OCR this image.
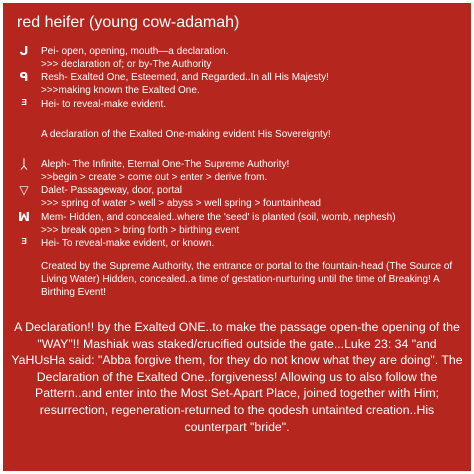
red heifer (young cow-adamah)
ᒍ Pei- open, opening, mouth—a declaration.
>>> declaration of; or by-The Authority
ᑫ Resh- Exalted One, Esteemed, and Regarded..In all His Majesty!
>>>making known the Exalted One.
ᴲ	Hei- to reveal-make evident.
A declaration of the Exalted One-making evident His Sovereignty!
ᛸ	Aleph- The Infinite, Eternal One-The Supreme Authority!
>>begin > create > come out > enter > derive from.
▽ Dalet- Passageway, door, portal
>>> spring of water > well > abyss > well spring > fountainhead
ꟽ Mem- Hidden, and concealed..where the 'seed' is planted (soil, womb, nephesh)
>>> break open > bring forth > birthing event
ᴲ	Hei- To reveal-make evident, or known.
Created by the Supreme Authority, the entrance or portal to the fountain-head (The Source of Living Water) Hidden, concealed..a time of gestation-nurturing until the time of Breaking! A Birthing Event!
A Declaration!! by the Exalted ONE..to make the passage open-the opening of the "WAY"!! Mashiak was staked/crucified outside the gate...Luke 23: 34 "and YaHUsHa said: "Abba forgive them, for they do not know what they are doing". The Declaration of the Exalted One..forgiveness! Allowing us to also follow the Pattern..and enter into the Most Set-Apart Place, joined together with Him; resurrection, regeneration-returned to the qodesh untainted creation..His counterpart "bride".
